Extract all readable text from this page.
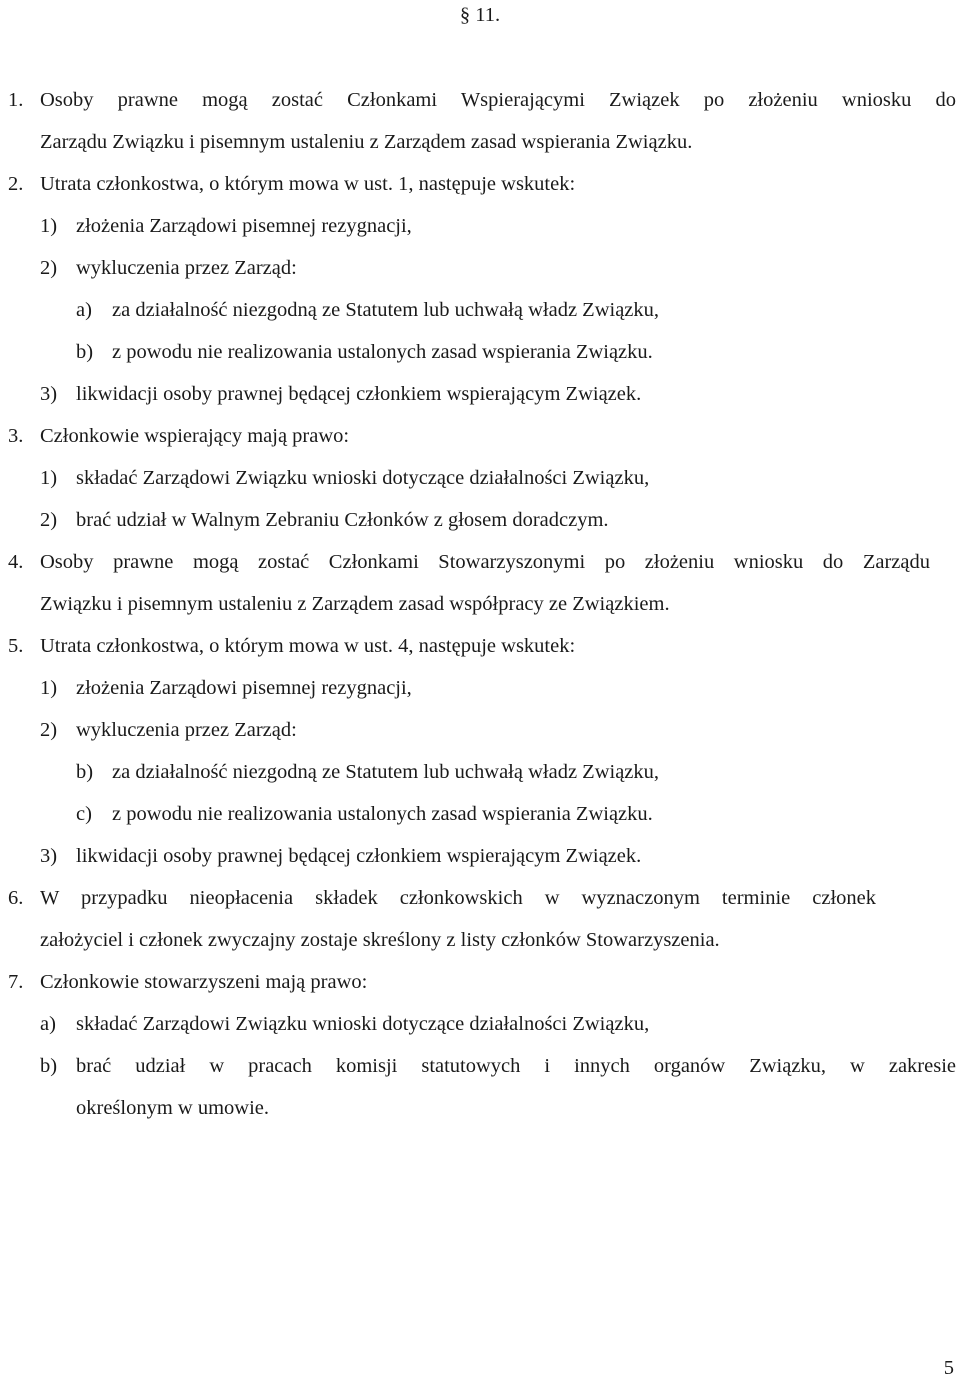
§ 11.
1. Osoby prawne mogą zostać Członkami Wspierającymi Związek po złożeniu wniosku do
Zarządu Związku i pisemnym ustaleniu z Zarządem zasad wspierania Związku.
2. Utrata członkostwa, o którym mowa w ust. 1, następuje wskutek:
1) złożenia Zarządowi pisemnej rezygnacji,
2) wykluczenia przez Zarząd:
a) za działalność niezgodną ze Statutem lub uchwałą władz Związku,
b) z powodu nie realizowania ustalonych zasad wspierania Związku.
3) likwidacji osoby prawnej będącej członkiem wspierającym Związek.
3. Członkowie wspierający mają prawo:
1) składać Zarządowi Związku wnioski dotyczące działalności Związku,
2) brać udział w Walnym Zebraniu Członków z głosem doradczym.
4. Osoby prawne mogą zostać Członkami Stowarzyszonymi po złożeniu wniosku do Zarządu
Związku i pisemnym ustaleniu z Zarządem zasad współpracy ze Związkiem.
5. Utrata członkostwa, o którym mowa w ust. 4, następuje wskutek:
1) złożenia Zarządowi pisemnej rezygnacji,
2) wykluczenia przez Zarząd:
b) za działalność niezgodną ze Statutem lub uchwałą władz Związku,
c) z powodu nie realizowania ustalonych zasad wspierania Związku.
3) likwidacji osoby prawnej będącej członkiem wspierającym Związek.
6. W przypadku nieopłacenia składek członkowskich w wyznaczonym terminie członek
założyciel i członek zwyczajny zostaje skreślony z listy członków Stowarzyszenia.
7. Członkowie stowarzyszeni mają prawo:
a) składać Zarządowi Związku wnioski dotyczące działalności Związku,
b) brać udział w pracach komisji statutowych i innych organów Związku, w zakresie
określonym w umowie.
5
